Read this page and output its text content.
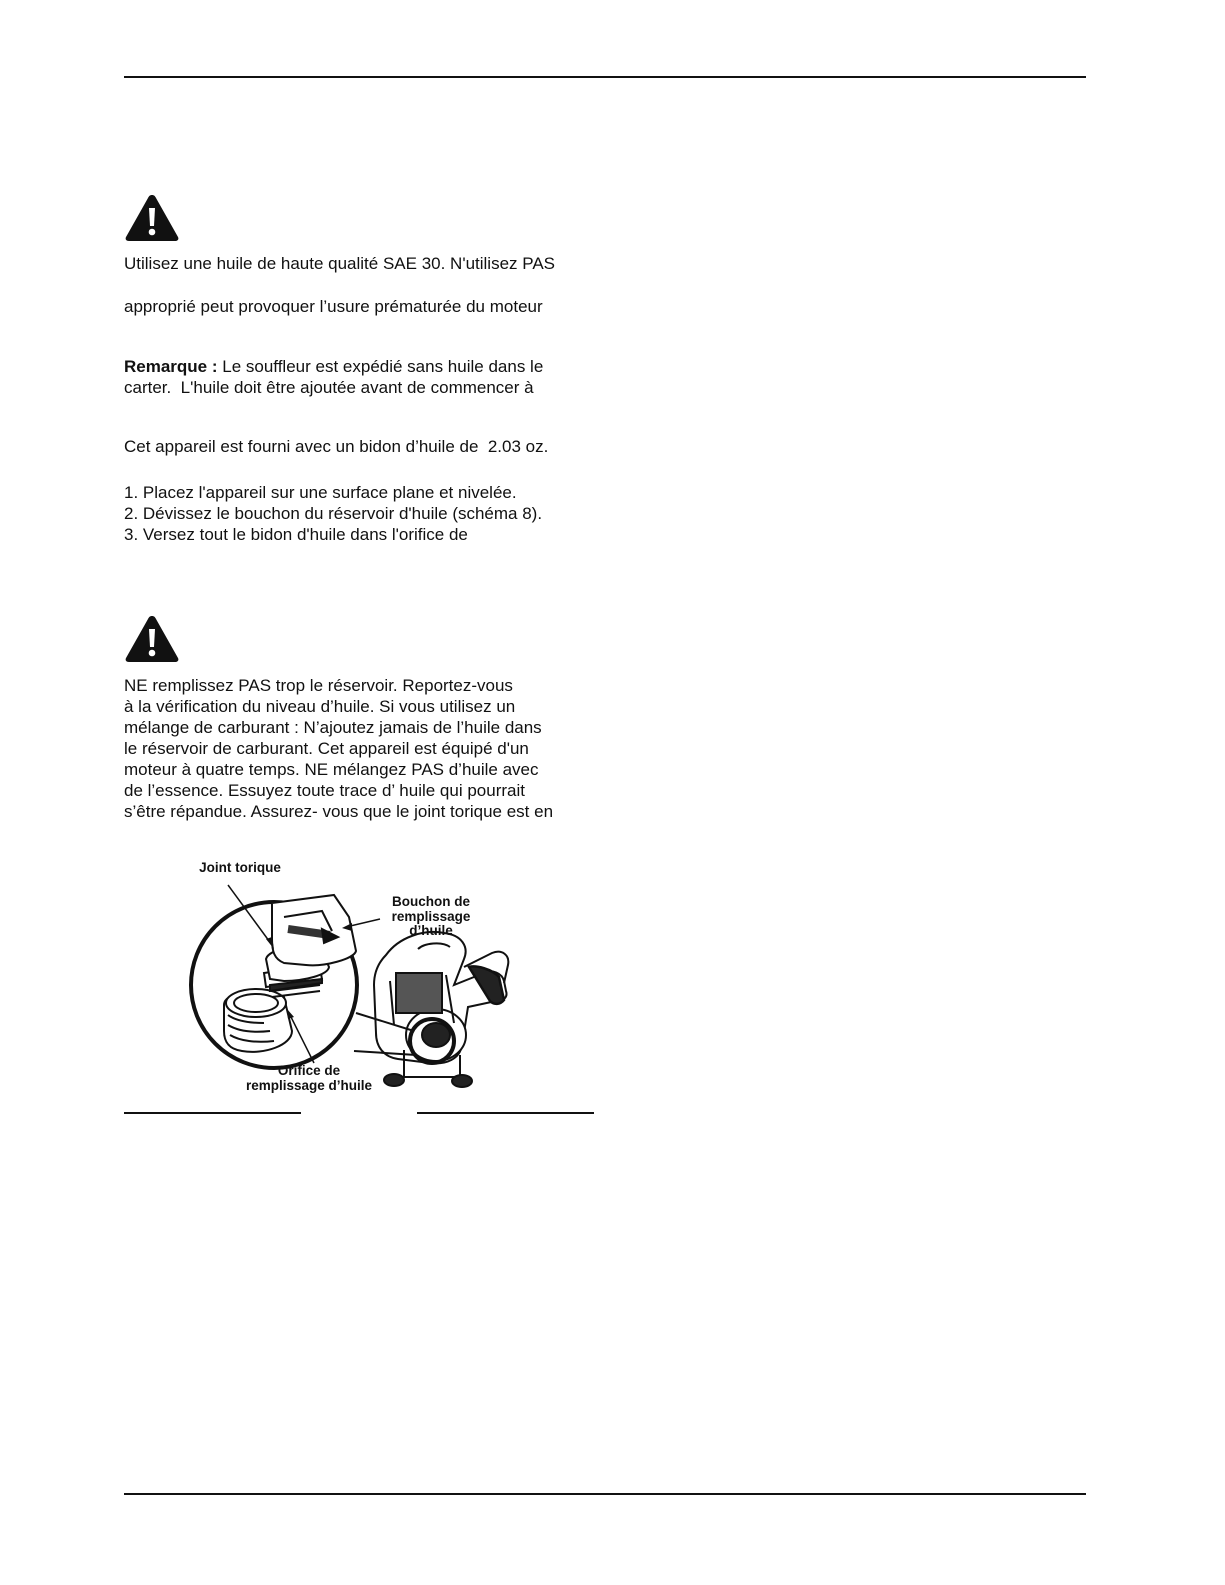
Utilisez une huile de haute qualité SAE 30. N'utilisez PAS
approprié peut provoquer l’usure prématurée du moteur
Remarque : Le souffleur est expédié sans huile dans le
carter.  L'huile doit être ajoutée avant de commencer à
Cet appareil est fourni avec un bidon d’huile de  2.03 oz.
1. Placez l'appareil sur une surface plane et nivelée.
2. Dévissez le bouchon du réservoir d'huile (schéma 8).
3. Versez tout le bidon d'huile dans l'orifice de
NE remplissez PAS trop le réservoir. Reportez-vous
à la vérification du niveau d’huile. Si vous utilisez un
mélange de carburant : N’ajoutez jamais de l’huile dans
le réservoir de carburant. Cet appareil est équipé d'un
moteur à quatre temps. NE mélangez PAS d’huile avec
de l’essence. Essuyez toute trace d’ huile qui pourrait
s’être répandue. Assurez- vous que le joint torique est en
Joint torique
Bouchon de
remplissage
d’huile
Orifice de
remplissage d’huile
